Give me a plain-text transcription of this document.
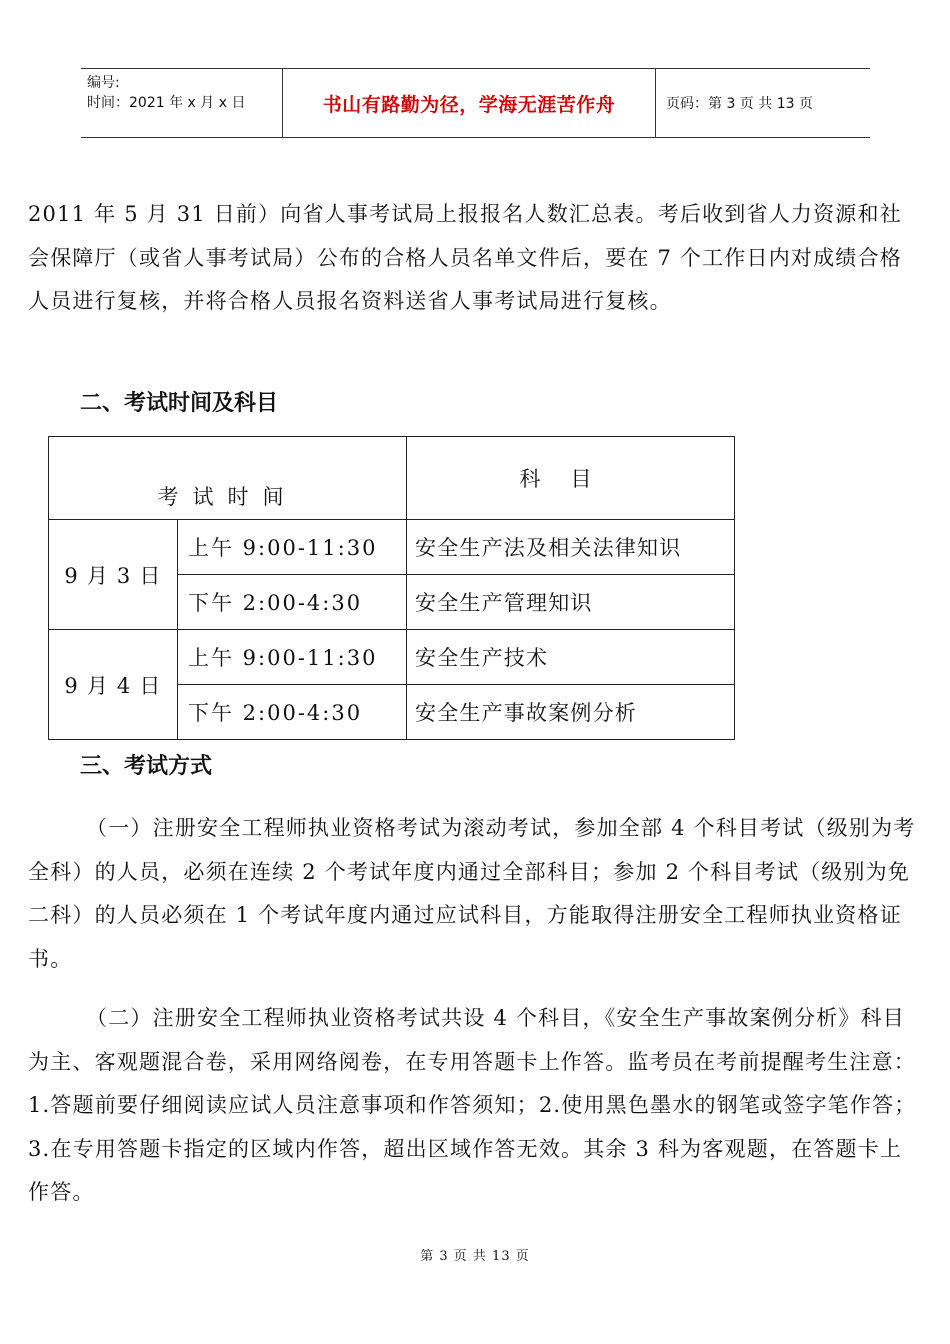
编号:
时间：2021 年 x 月 x 日	书山有路勤为径，学海无涯苦作舟	页码：第 3 页 共 13 页

2011 年 5 月 31 日前）向省人事考试局上报报名人数汇总表。考后收到省人力资源和社会保障厅（或省人事考试局）公布的合格人员名单文件后，要在 7 个工作日内对成绩合格人员进行复核，并将合格人员报名资料送省人事考试局进行复核。

二、考试时间及科目
考试时间		科目
9 月 3 日	上午 9:00-11:30	安全生产法及相关法律知识
	下午 2:00-4:30	安全生产管理知识
9 月 4 日	上午 9:00-11:30	安全生产技术
	下午 2:00-4:30	安全生产事故案例分析
三、考试方式

（一）注册安全工程师执业资格考试为滚动考试，参加全部 4 个科目考试（级别为考全科）的人员，必须在连续 2 个考试年度内通过全部科目；参加 2 个科目考试（级别为免二科）的人员必须在 1 个考试年度内通过应试科目，方能取得注册安全工程师执业资格证书。

（二）注册安全工程师执业资格考试共设 4 个科目，《安全生产事故案例分析》科目为主、客观题混合卷，采用网络阅卷，在专用答题卡上作答。监考员在考前提醒考生注意：1.答题前要仔细阅读应试人员注意事项和作答须知；2.使用黑色墨水的钢笔或签字笔作答；3.在专用答题卡指定的区域内作答，超出区域作答无效。其余 3 科为客观题，在答题卡上作答。

第 3 页 共 13 页
